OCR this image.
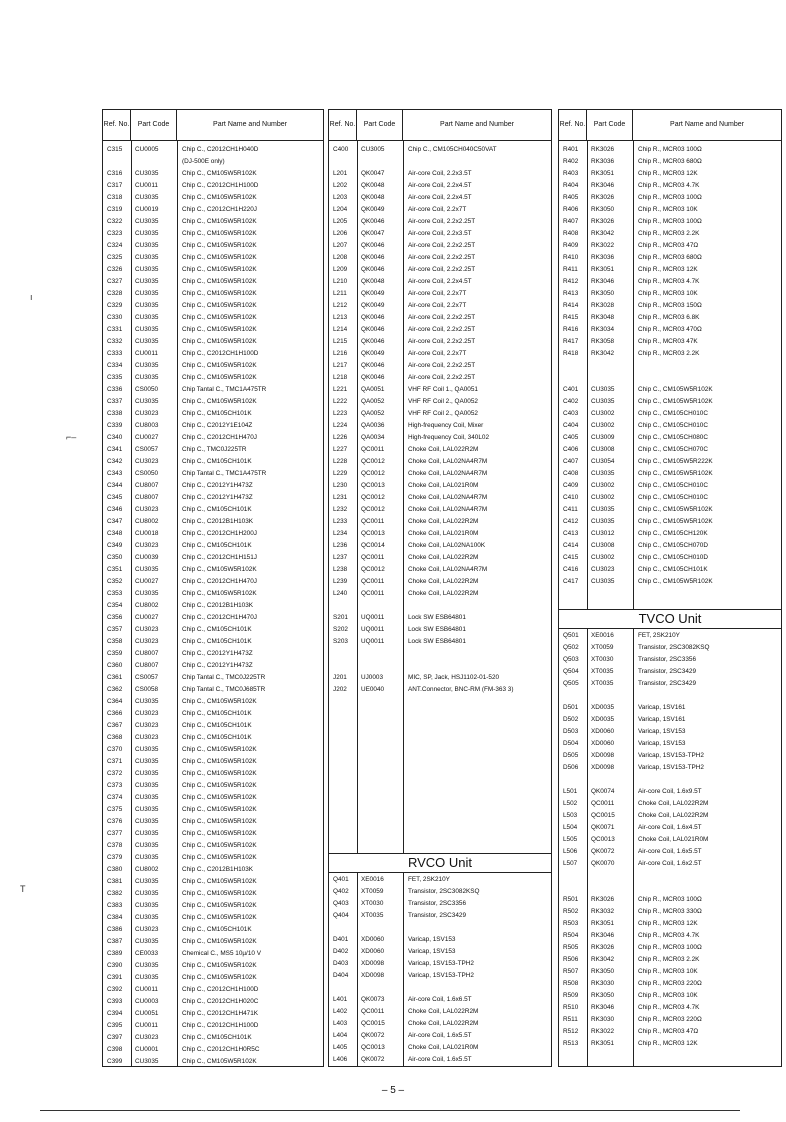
Ref. No.	Part Code	Part Name and Number
C315	CU0005	Chip C., C2012CH1H040D
(DJ-500E only)
C316	CU3035	Chip C., CM105W5R102K
C317	CU0011	Chip C., C2012CH1H100D
C318	CU3035	Chip C., CM105W5R102K
C319	CU0019	Chip C., C2012CH1H220J
C322	CU3035	Chip C., CM105W5R102K
C323	CU3035	Chip C., CM105W5R102K
C324	CU3035	Chip C., CM105W5R102K
C325	CU3035	Chip C., CM105W5R102K
C326	CU3035	Chip C., CM105W5R102K
C327	CU3035	Chip C., CM105W5R102K
C328	CU3035	Chip C., CM105W5R102K
C329	CU3035	Chip C., CM105W5R102K
C330	CU3035	Chip C., CM105W5R102K
C331	CU3035	Chip C., CM105W5R102K
C332	CU3035	Chip C., CM105W5R102K
C333	CU0011	Chip C., C2012CH1H100D
C334	CU3035	Chip C., CM105W5R102K
C335	CU3035	Chip C., CM105W5R102K
C336	CS0050	Chip Tantal C., TMC1A475TR
C337	CU3035	Chip C., CM105W5R102K
C338	CU3023	Chip C., CM105CH101K
C339	CU8003	Chip C., C2012Y1E104Z
C340	CU0027	Chip C., C2012CH1H470J
C341	CS0057	Chip C., TMC0J225TR
C342	CU3023	Chip C., CM105CH101K
C343	CS0050	Chip Tantal C., TMC1A475TR
C344	CU8007	Chip C., C2012Y1H473Z
C345	CU8007	Chip C., C2012Y1H473Z
C346	CU3023	Chip C., CM105CH101K
C347	CU8002	Chip C., C2012B1H103K
C348	CU0018	Chip C., C2012CH1H200J
C349	CU3023	Chip C., CM105CH101K
C350	CU0039	Chip C., C2012CH1H151J
C351	CU3035	Chip C., CM105W5R102K
C352	CU0027	Chip C., C2012CH1H470J
C353	CU3035	Chip C., CM105W5R102K
C354	CU8002	Chip C., C2012B1H103K
C356	CU0027	Chip C., C2012CH1H470J
C357	CU3023	Chip C., CM105CH101K
C358	CU3023	Chip C., CM105CH101K
C359	CU8007	Chip C., C2012Y1H473Z
C360	CU8007	Chip C., C2012Y1H473Z
C361	CS0057	Chip Tantal C., TMC0J225TR
C362	CS0058	Chip Tantal C., TMC0J685TR
C364	CU3035	Chip C., CM105W5R102K
C366	CU3023	Chip C., CM105CH101K
C367	CU3023	Chip C., CM105CH101K
C368	CU3023	Chip C., CM105CH101K
C370	CU3035	Chip C., CM105W5R102K
C371	CU3035	Chip C., CM105W5R102K
C372	CU3035	Chip C., CM105W5R102K
C373	CU3035	Chip C., CM105W5R102K
C374	CU3035	Chip C., CM105W5R102K
C375	CU3035	Chip C., CM105W5R102K
C376	CU3035	Chip C., CM105W5R102K
C377	CU3035	Chip C., CM105W5R102K
C378	CU3035	Chip C., CM105W5R102K
C379	CU3035	Chip C., CM105W5R102K
C380	CU8002	Chip C., C2012B1H103K
C381	CU3035	Chip C., CM105W5R102K
C382	CU3035	Chip C., CM105W5R102K
C383	CU3035	Chip C., CM105W5R102K
C384	CU3035	Chip C., CM105W5R102K
C386	CU3023	Chip C., CM105CH101K
C387	CU3035	Chip C., CM105W5R102K
C389	CE0033	Chemical C., MS5 10µ/10 V
C390	CU3035	Chip C., CM105W5R102K
C391	CU3035	Chip C., CM105W5R102K
C392	CU0011	Chip C., C2012CH1H100D
C393	CU0003	Chip C., C2012CH1H020C
C394	CU0051	Chip C., C2012CH1H471K
C395	CU0011	Chip C., C2012CH1H100D
C397	CU3023	Chip C., CM105CH101K
C398	CU0001	Chip C., C2012CH1H0R5C
C399	CU3035	Chip C., CM105W5R102K
Ref. No.	Part Code	Part Name and Number
RVCO Unit
C400	CU3005	Chip C., CM105CH040C50VAT
L201	QK0047	Air-core Coil, 2.2x3.5T
L202	QK0048	Air-core Coil, 2.2x4.5T
L203	QK0048	Air-core Coil, 2.2x4.5T
L204	QK0049	Air-core Coil, 2.2x7T
L205	QK0046	Air-core Coil, 2.2x2.25T
L206	QK0047	Air-core Coil, 2.2x3.5T
L207	QK0046	Air-core Coil, 2.2x2.25T
L208	QK0046	Air-core Coil, 2.2x2.25T
L209	QK0046	Air-core Coil, 2.2x2.25T
L210	QK0048	Air-core Coil, 2.2x4.5T
L211	QK0049	Air-core Coil, 2.2x7T
L212	QK0049	Air-core Coil, 2.2x7T
L213	QK0046	Air-core Coil, 2.2x2.25T
L214	QK0046	Air-core Coil, 2.2x2.25T
L215	QK0046	Air-core Coil, 2.2x2.25T
L216	QK0049	Air-core Coil, 2.2x7T
L217	QK0046	Air-core Coil, 2.2x2.25T
L218	QK0046	Air-core Coil, 2.2x2.25T
L221	QA0051	VHF RF Coil 1., QA0051
L222	QA0052	VHF RF Coil 2., QA0052
L223	QA0052	VHF RF Coil 2., QA0052
L224	QA0036	High-frequency Coil, Mixer
L226	QA0034	High-frequency Coil, 340L02
L227	QC0011	Choke Coil, LAL022R2M
L228	QC0012	Choke Coil, LAL02NA4R7M
L229	QC0012	Choke Coil, LAL02NA4R7M
L230	QC0013	Choke Coil, LAL021R0M
L231	QC0012	Choke Coil, LAL02NA4R7M
L232	QC0012	Choke Coil, LAL02NA4R7M
L233	QC0011	Choke Coil, LAL022R2M
L234	QC0013	Choke Coil, LAL021R0M
L236	QC0014	Choke Coil, LAL02NA100K
L237	QC0011	Choke Coil, LAL022R2M
L238	QC0012	Choke Coil, LAL02NA4R7M
L239	QC0011	Choke Coil, LAL022R2M
L240	QC0011	Choke Coil, LAL022R2M
S201	UQ0011	Lock SW ESB64801
S202	UQ0011	Lock SW ESB64801
S203	UQ0011	Lock SW ESB64801
J201	UJ0003	MIC, SP, Jack, HSJ1102-01-520
J202	UE0040	ANT.Connector, BNC-RM (FM-363 3)
Q401	XE0016	FET, 2SK210Y
Q402	XT0059	Transistor, 2SC3082KSQ
Q403	XT0030	Transistor, 2SC3356
Q404	XT0035	Transistor, 2SC3429
D401	XD0060	Varicap, 1SV153
D402	XD0060	Varicap, 1SV153
D403	XD0098	Varicap, 1SV153-TPH2
D404	XD0098	Varicap, 1SV153-TPH2
L401	QK0073	Air-core Coil, 1.6x6.5T
L402	QC0011	Choke Coil, LAL022R2M
L403	QC0015	Choke Coil, LAL022R2M
L404	QK0072	Air-core Coil, 1.6x5.5T
L405	QC0013	Choke Coil, LAL021R0M
L406	QK0072	Air-core Coil, 1.6x5.5T
Ref. No.	Part Code	Part Name and Number
TVCO Unit
R401	RK3026	Chip R., MCR03 100Ω
R402	RK3036	Chip R., MCR03 680Ω
R403	RK3051	Chip R., MCR03 12K
R404	RK3046	Chip R., MCR03 4.7K
R405	RK3026	Chip R., MCR03 100Ω
R406	RK3050	Chip R., MCR03 10K
R407	RK3026	Chip R., MCR03 100Ω
R408	RK3042	Chip R., MCR03 2.2K
R409	RK3022	Chip R., MCR03 47Ω
R410	RK3036	Chip R., MCR03 680Ω
R411	RK3051	Chip R., MCR03 12K
R412	RK3046	Chip R., MCR03 4.7K
R413	RK3050	Chip R., MCR03 10K
R414	RK3028	Chip R., MCR03 150Ω
R415	RK3048	Chip R., MCR03 6.8K
R416	RK3034	Chip R., MCR03 470Ω
R417	RK3058	Chip R., MCR03 47K
R418	RK3042	Chip R., MCR03 2.2K
C401	CU3035	Chip C., CM105W5R102K
C402	CU3035	Chip C., CM105W5R102K
C403	CU3002	Chip C., CM105CH010C
C404	CU3002	Chip C., CM105CH010C
C405	CU3009	Chip C., CM105CH080C
C406	CU3008	Chip C., CM105CH070C
C407	CU3054	Chip C., CM105W5R222K
C408	CU3035	Chip C., CM105W5R102K
C409	CU3002	Chip C., CM105CH010C
C410	CU3002	Chip C., CM105CH010C
C411	CU3035	Chip C., CM105W5R102K
C412	CU3035	Chip C., CM105W5R102K
C413	CU3012	Chip C., CM105CH120K
C414	CU3008	Chip C., CM105CH070D
C415	CU3002	Chip C., CM105CH010D
C416	CU3023	Chip C., CM105CH101K
C417	CU3035	Chip C., CM105W5R102K
Q501	XE0016	FET, 2SK210Y
Q502	XT0059	Transistor, 2SC3082KSQ
Q503	XT0030	Transistor, 2SC3356
Q504	XT0035	Transistor, 2SC3429
Q505	XT0035	Transistor, 2SC3429
D501	XD0035	Varicap, 1SV161
D502	XD0035	Varicap, 1SV161
D503	XD0060	Varicap, 1SV153
D504	XD0060	Varicap, 1SV153
D505	XD0098	Varicap, 1SV153-TPH2
D506	XD0098	Varicap, 1SV153-TPH2
L501	QK0074	Air-core Coil, 1.6x9.5T
L502	QC0011	Choke Coil, LAL022R2M
L503	QC0015	Choke Coil, LAL022R2M
L504	QK0071	Air-core Coil, 1.6x4.5T
L505	QC0013	Choke Coil, LAL021R0M
L506	QK0072	Air-core Coil, 1.6x5.5T
L507	QK0070	Air-core Coil, 1.6x2.5T
R501	RK3026	Chip R., MCR03 100Ω
R502	RK3032	Chip R., MCR03 330Ω
R503	RK3051	Chip R., MCR03 12K
R504	RK3046	Chip R., MCR03 4.7K
R505	RK3026	Chip R., MCR03 100Ω
R506	RK3042	Chip R., MCR03 2.2K
R507	RK3050	Chip R., MCR03 10K
R508	RK3030	Chip R., MCR03 220Ω
R509	RK3050	Chip R., MCR03 10K
R510	RK3046	Chip R., MCR03 4.7K
R511	RK3030	Chip R., MCR03 220Ω
R512	RK3022	Chip R., MCR03 47Ω
R513	RK3051	Chip R., MCR03 12K
– 5 –
ı
⌐–
T
